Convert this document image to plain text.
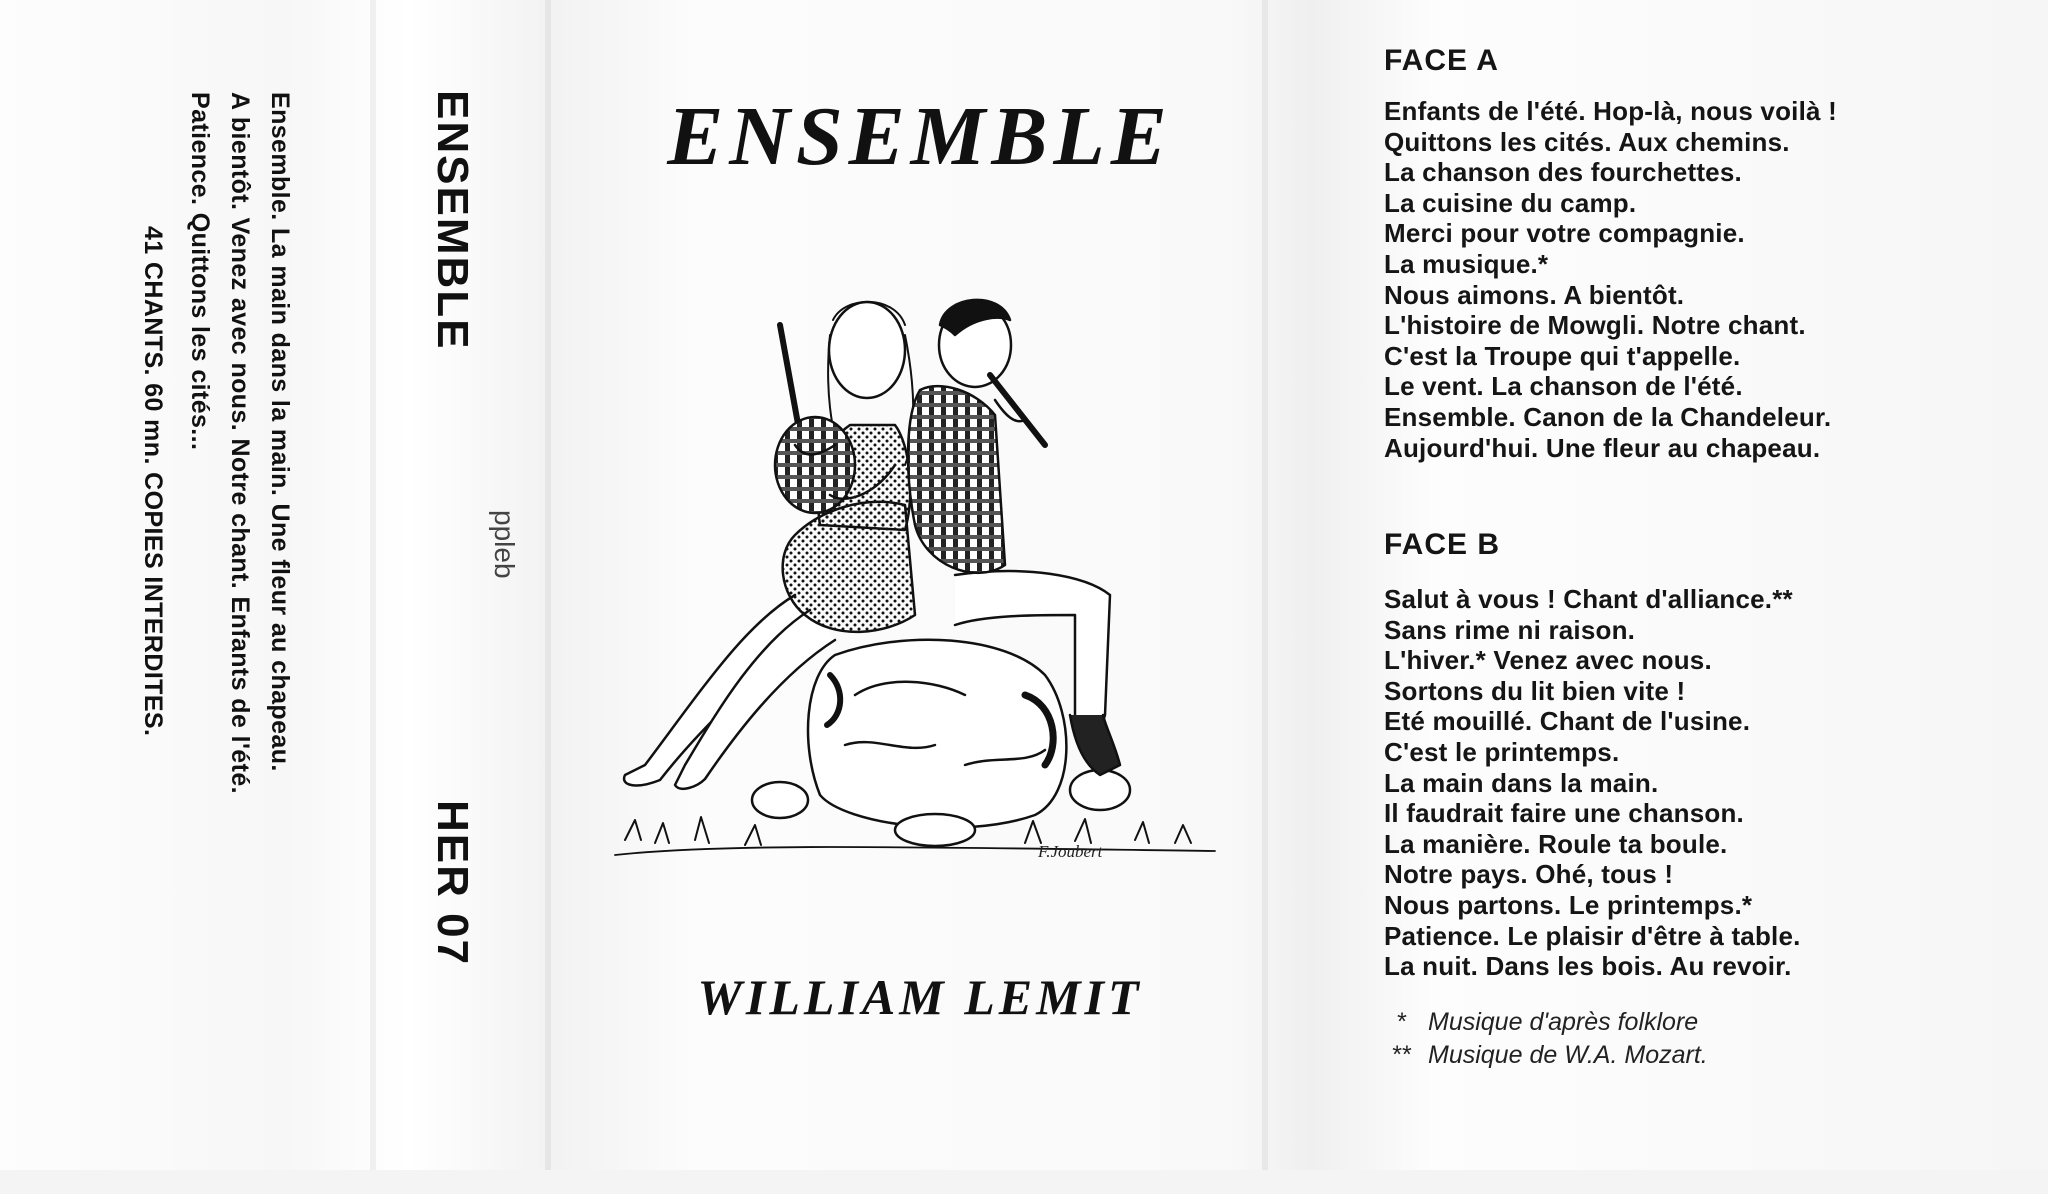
Ensemble. La main dans la main. Une fleur au chapeau.
A bientôt. Venez avec nous. Notre chant. Enfants de l'été.
Patience. Quittons les cités...
41 CHANTS. 60 mn. COPIES INTERDITES.
ENSEMBLE
HER 07
ppleb
ENSEMBLE
F.Joubert
WILLIAM LEMIT
FACE A
Enfants de l'été. Hop-là, nous voilà !
Quittons les cités. Aux chemins.
La chanson des fourchettes.
La cuisine du camp.
Merci pour votre compagnie.
La musique.*
Nous aimons. A bientôt.
L'histoire de Mowgli. Notre chant.
C'est la Troupe qui t'appelle.
Le vent. La chanson de l'été.
Ensemble. Canon de la Chandeleur.
Aujourd'hui. Une fleur au chapeau.
FACE B
Salut à vous ! Chant d'alliance.**
Sans rime ni raison.
L'hiver.* Venez avec nous.
Sortons du lit bien vite !
Eté mouillé. Chant de l'usine.
C'est le printemps.
La main dans la main.
Il faudrait faire une chanson.
La manière. Roule ta boule.
Notre pays. Ohé, tous !
Nous partons. Le printemps.*
Patience. Le plaisir d'être à table.
La nuit. Dans les bois. Au revoir.
* Musique d'après folklore
** Musique de W.A. Mozart.
